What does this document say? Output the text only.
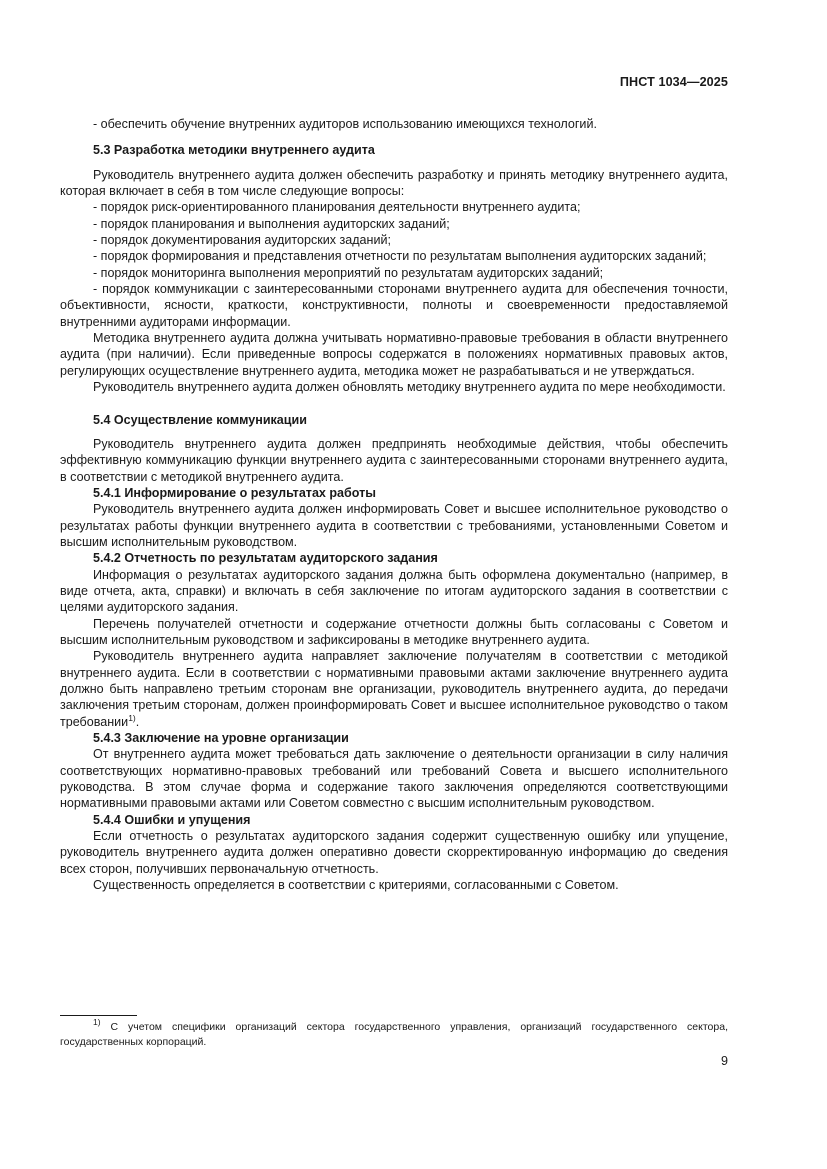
ПНСТ 1034—2025

- обеспечить обучение внутренних аудиторов использованию имеющихся технологий.

5.3 Разработка методики внутреннего аудита

Руководитель внутреннего аудита должен обеспечить разработку и принять методику внутреннего аудита, которая включает в себя в том числе следующие вопросы:

- порядок риск-ориентированного планирования деятельности внутреннего аудита;

- порядок планирования и выполнения аудиторских заданий;

- порядок документирования аудиторских заданий;

- порядок формирования и представления отчетности по результатам выполнения аудиторских заданий;

- порядок мониторинга выполнения мероприятий по результатам аудиторских заданий;

- порядок коммуникации с заинтересованными сторонами внутреннего аудита для обеспечения точности, объективности, ясности, краткости, конструктивности, полноты и своевременности предоставляемой внутренними аудиторами информации.

Методика внутреннего аудита должна учитывать нормативно-правовые требования в области внутреннего аудита (при наличии). Если приведенные вопросы содержатся в положениях нормативных правовых актов, регулирующих осуществление внутреннего аудита, методика может не разрабатываться и не утверждаться.

Руководитель внутреннего аудита должен обновлять методику внутреннего аудита по мере необходимости.

5.4 Осуществление коммуникации

Руководитель внутреннего аудита должен предпринять необходимые действия, чтобы обеспечить эффективную коммуникацию функции внутреннего аудита с заинтересованными сторонами внутреннего аудита, в соответствии с методикой внутреннего аудита.

5.4.1 Информирование о результатах работы

Руководитель внутреннего аудита должен информировать Совет и высшее исполнительное руководство о результатах работы функции внутреннего аудита в соответствии с требованиями, установленными Советом и высшим исполнительным руководством.

5.4.2 Отчетность по результатам аудиторского задания

Информация о результатах аудиторского задания должна быть оформлена документально (например, в виде отчета, акта, справки) и включать в себя заключение по итогам аудиторского задания в соответствии с целями аудиторского задания.

Перечень получателей отчетности и содержание отчетности должны быть согласованы с Советом и высшим исполнительным руководством и зафиксированы в методике внутреннего аудита.

Руководитель внутреннего аудита направляет заключение получателям в соответствии с методикой внутреннего аудита. Если в соответствии с нормативными правовыми актами заключение внутреннего аудита должно быть направлено третьим сторонам вне организации, руководитель внутреннего аудита, до передачи заключения третьим сторонам, должен проинформировать Совет и высшее исполнительное руководство о таком требовании$^{1)}$.

5.4.3 Заключение на уровне организации

От внутреннего аудита может требоваться дать заключение о деятельности организации в силу наличия соответствующих нормативно-правовых требований или требований Совета и высшего исполнительного руководства. В этом случае форма и содержание такого заключения определяются соответствующими нормативными правовыми актами или Советом совместно с высшим исполнительным руководством.

5.4.4 Ошибки и упущения

Если отчетность о результатах аудиторского задания содержит существенную ошибку или упущение, руководитель внутреннего аудита должен оперативно довести скорректированную информацию до сведения всех сторон, получивших первоначальную отчетность.

Существенность определяется в соответствии с критериями, согласованными с Советом.

$^{1)}$ С учетом специфики организаций сектора государственного управления, организаций государственного сектора, государственных корпораций.
9
